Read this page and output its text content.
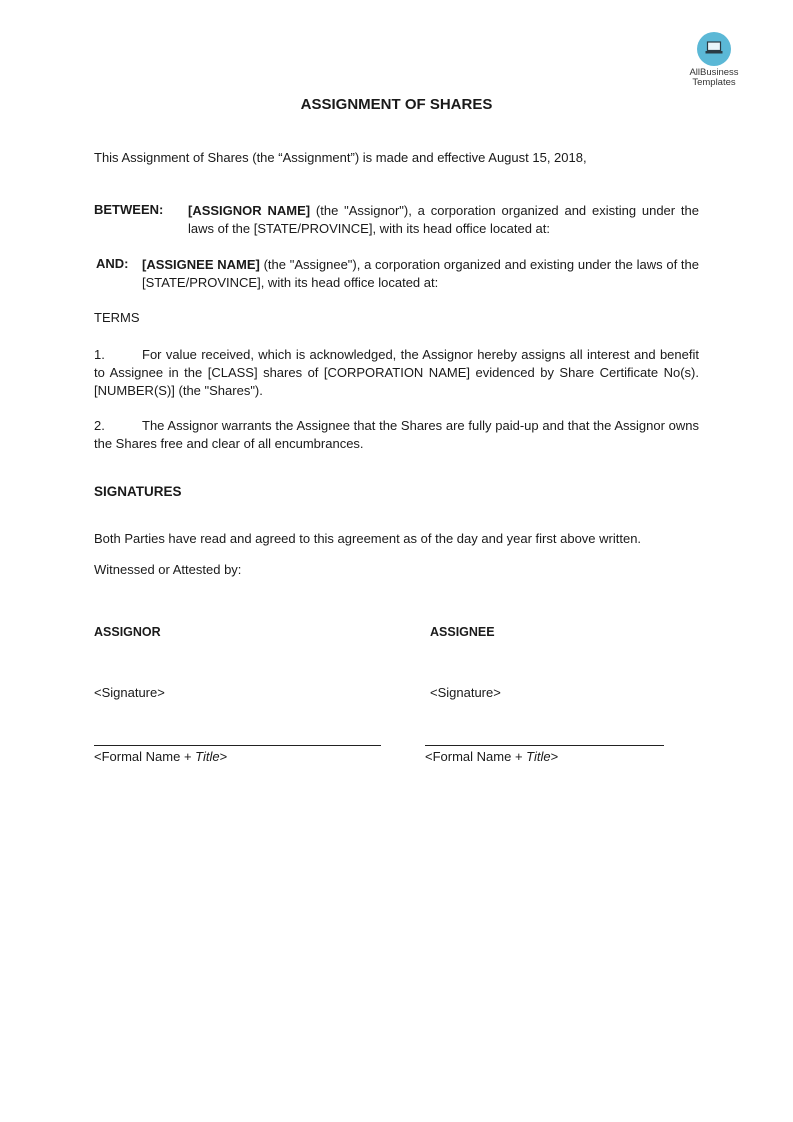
AllBusiness
Templates
ASSIGNMENT OF SHARES
This Assignment of Shares (the “Assignment”) is made and effective August 15, 2018,
BETWEEN: [ASSIGNOR NAME] (the "Assignor"), a corporation organized and existing under the laws of the [STATE/PROVINCE], with its head office located at:
AND: [ASSIGNEE NAME] (the "Assignee"), a corporation organized and existing under the laws of the [STATE/PROVINCE], with its head office located at:
TERMS
1.	For value received, which is acknowledged, the Assignor hereby assigns all interest and benefit to Assignee in the [CLASS] shares of [CORPORATION NAME] evidenced by Share Certificate No(s). [NUMBER(S)] (the "Shares").
2.	The Assignor warrants the Assignee that the Shares are fully paid-up and that the Assignor owns the Shares free and clear of all encumbrances.
SIGNATURES
Both Parties have read and agreed to this agreement as of the day and year first above written.
Witnessed or Attested by:
ASSIGNOR	ASSIGNEE
<Signature>	<Signature>
<Formal Name + Title>	<Formal Name + Title>
